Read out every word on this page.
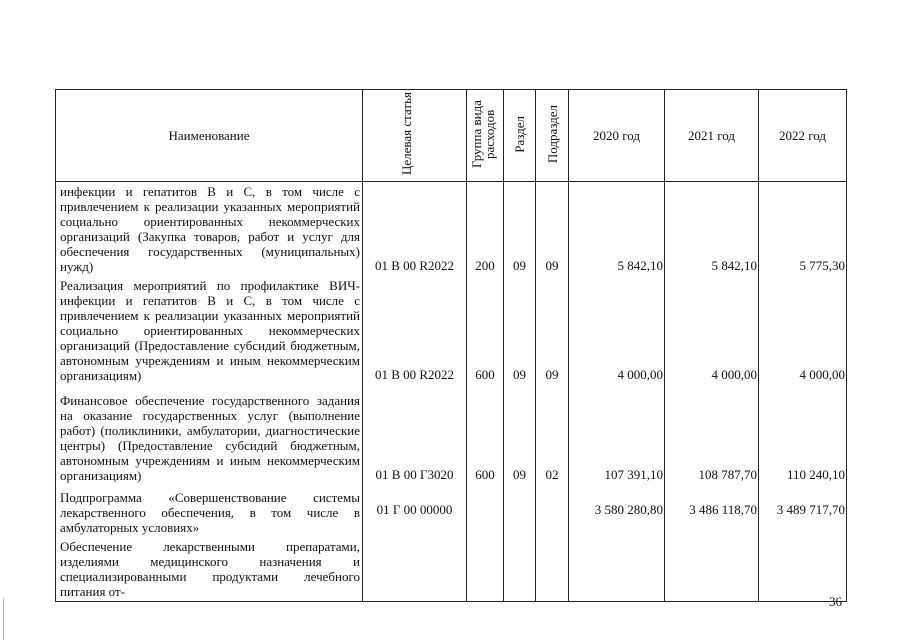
Наименование	Целевая статья	Группа вида расходов	Раздел	Подраздел	2020 год	2021 год	2022 год
инфекции и гепатитов B и C, в том числе с привлечением к реализации указанных мероприятий социально ориентированных некоммерческих организаций (Закупка товаров, работ и услуг для обеспечения государственных (муниципальных) нужд)	01 В 00 R2022	200	09	09	5 842,10	5 842,10	5 775,30
Реализация мероприятий по профилактике ВИЧ-инфекции и гепатитов B и C, в том числе с привлечением к реализации указанных мероприятий социально ориентированных некоммерческих организаций (Предоставление субсидий бюджетным, автономным учреждениям и иным некоммерческим организациям)	01 В 00 R2022	600	09	09	4 000,00	4 000,00	4 000,00
Финансовое обеспечение государственного задания на оказание государственных услуг (выполнение работ) (поликлиники, амбулатории, диагностические центры) (Предоставление субсидий бюджетным, автономным учреждениям и иным некоммерческим организациям)	01 В 00 Г3020	600	09	02	107 391,10	108 787,70	110 240,10
Подпрограмма «Совершенствование системы лекарственного обеспечения, в том числе в амбулаторных условиях»	01 Г 00 00000				3 580 280,80	3 486 118,70	3 489 717,70
Обеспечение лекарственными препаратами, изделиями медицинского назначения и специализированными продуктами лечебного питания от-							
36
